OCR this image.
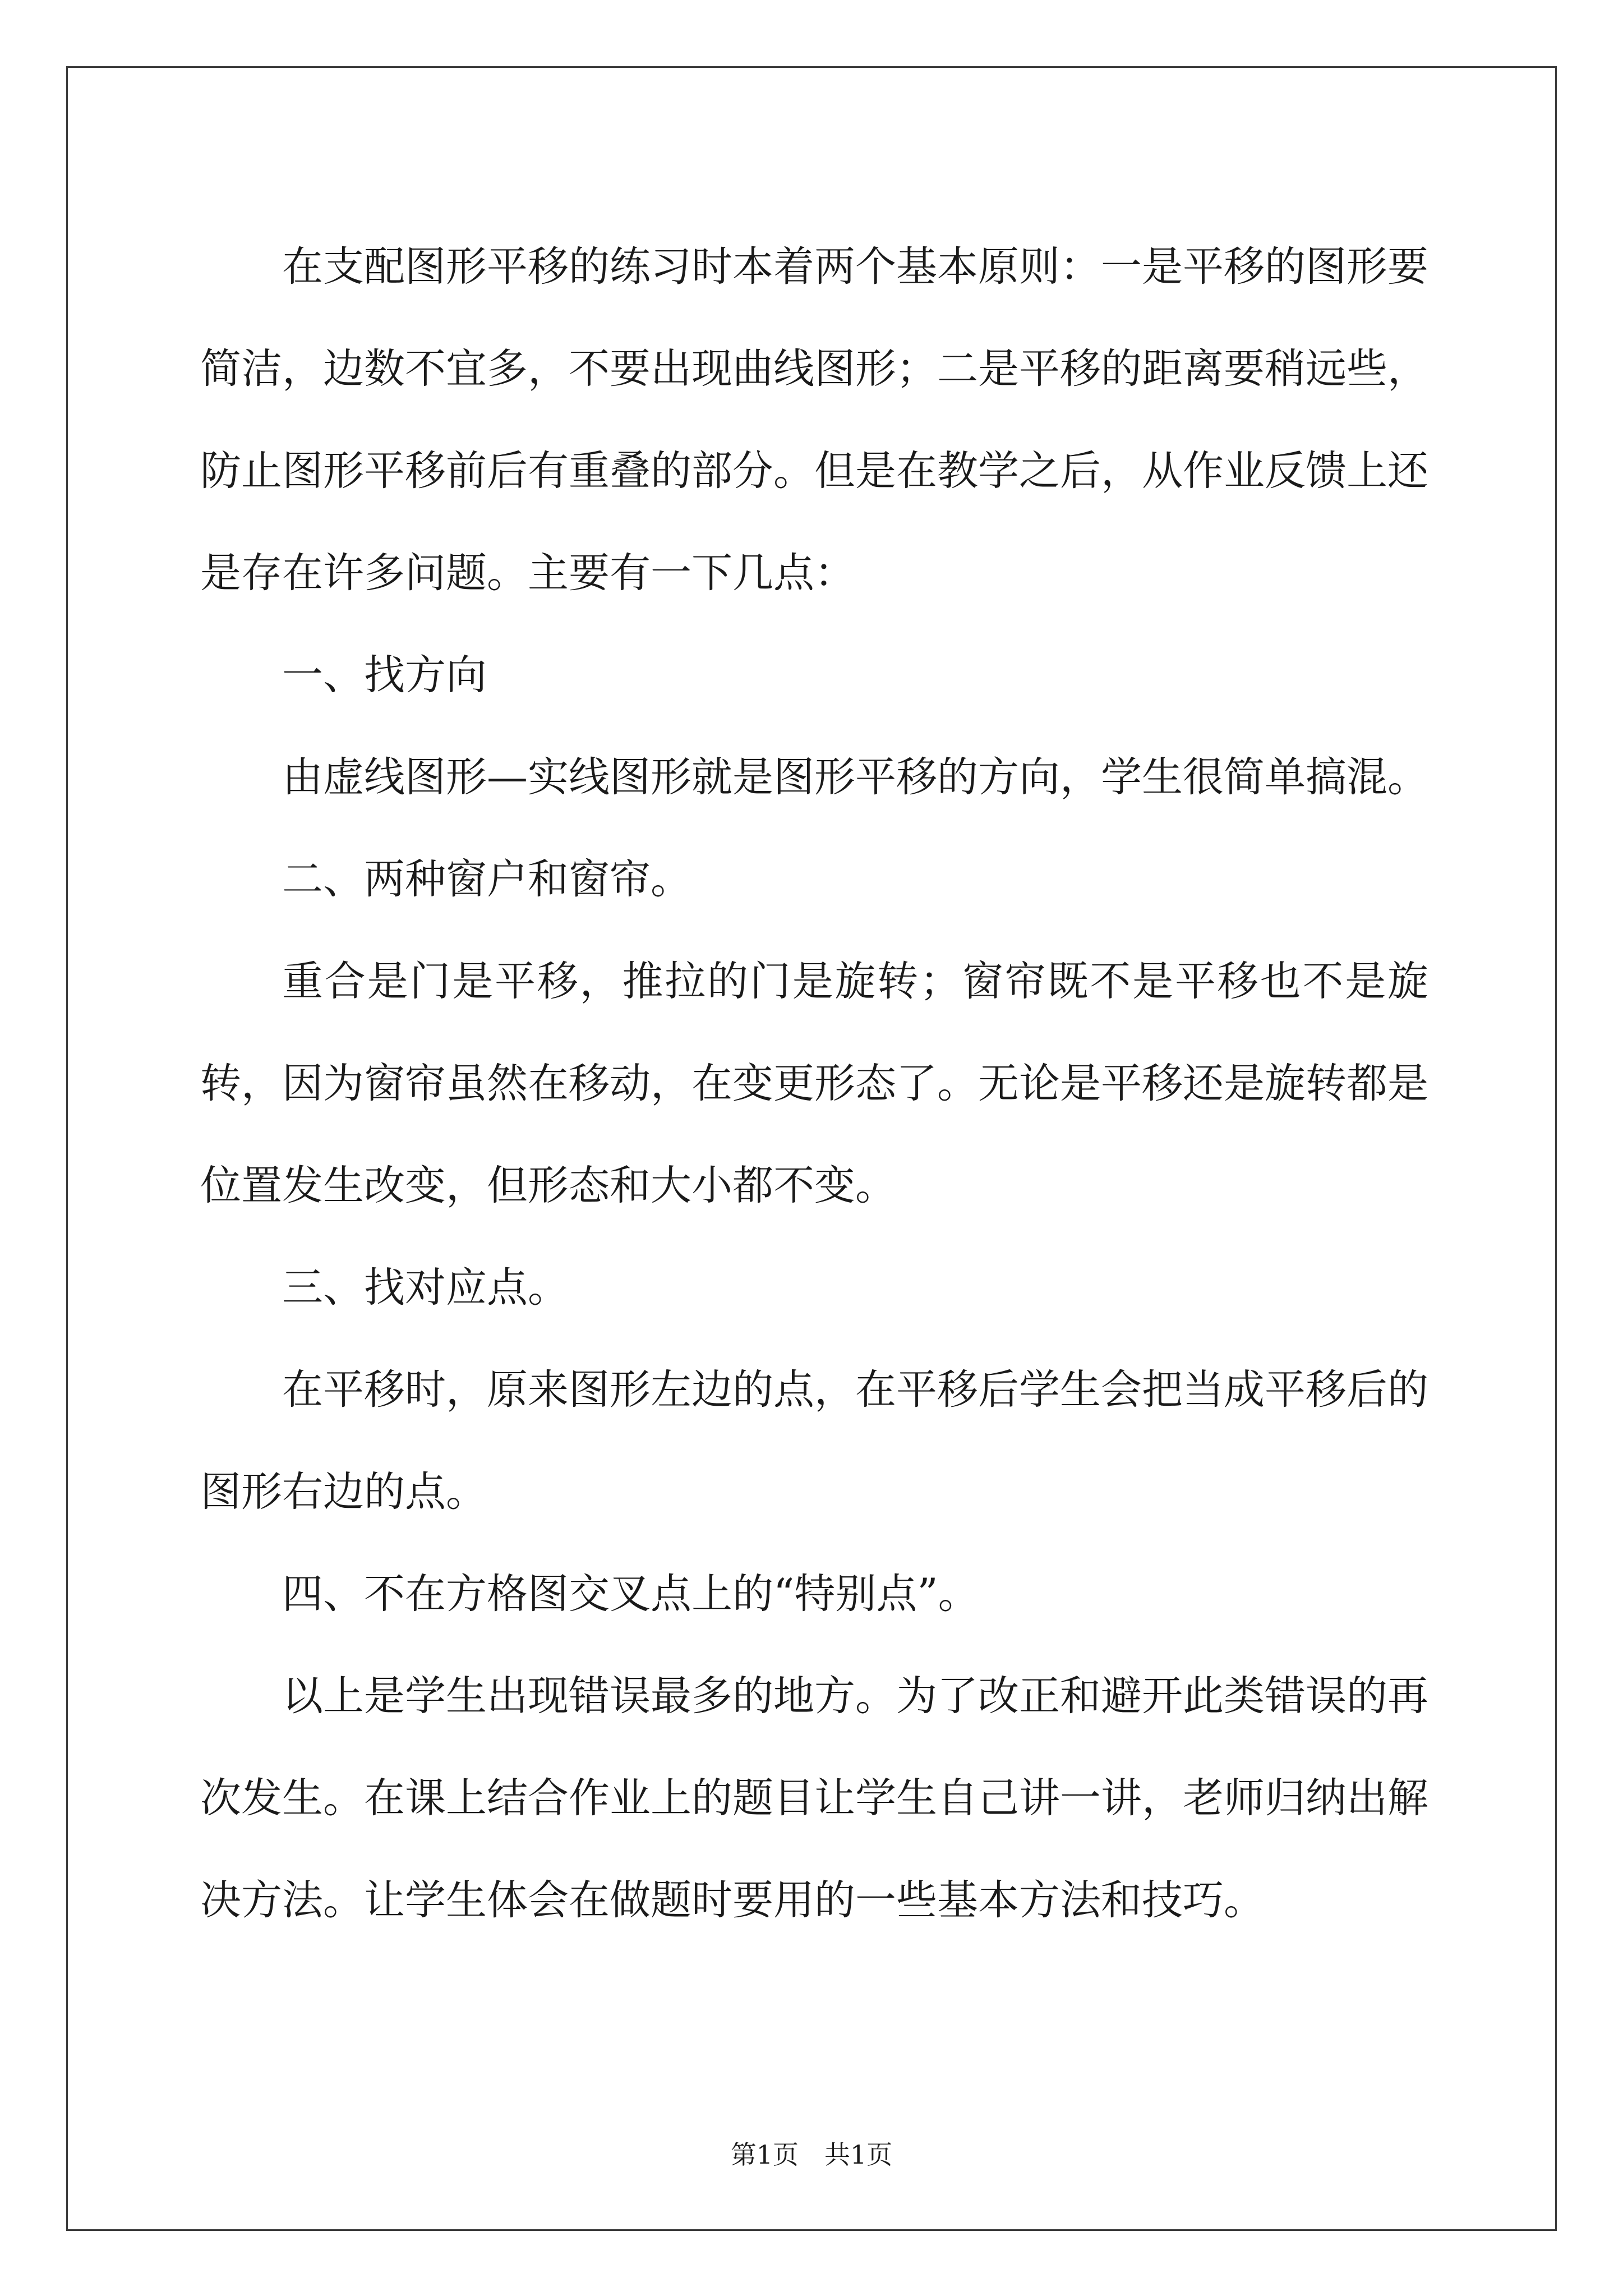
在支配图形平移的练习时本着两个基本原则：一是平移的图形要简洁，边数不宜多，不要出现曲线图形；二是平移的距离要稍远些，防止图形平移前后有重叠的部分。但是在教学之后，从作业反馈上还是存在许多问题。主要有一下几点：

一、找方向

由虚线图形—实线图形就是图形平移的方向，学生很简单搞混。

二、两种窗户和窗帘。

重合是门是平移，推拉的门是旋转；窗帘既不是平移也不是旋转，因为窗帘虽然在移动，在变更形态了。无论是平移还是旋转都是位置发生改变，但形态和大小都不变。

三、找对应点。

在平移时，原来图形左边的点，在平移后学生会把当成平移后的图形右边的点。

四、不在方格图交叉点上的“特别点”。

以上是学生出现错误最多的地方。为了改正和避开此类错误的再次发生。在课上结合作业上的题目让学生自己讲一讲，老师归纳出解决方法。让学生体会在做题时要用的一些基本方法和技巧。

第1页 共1页
